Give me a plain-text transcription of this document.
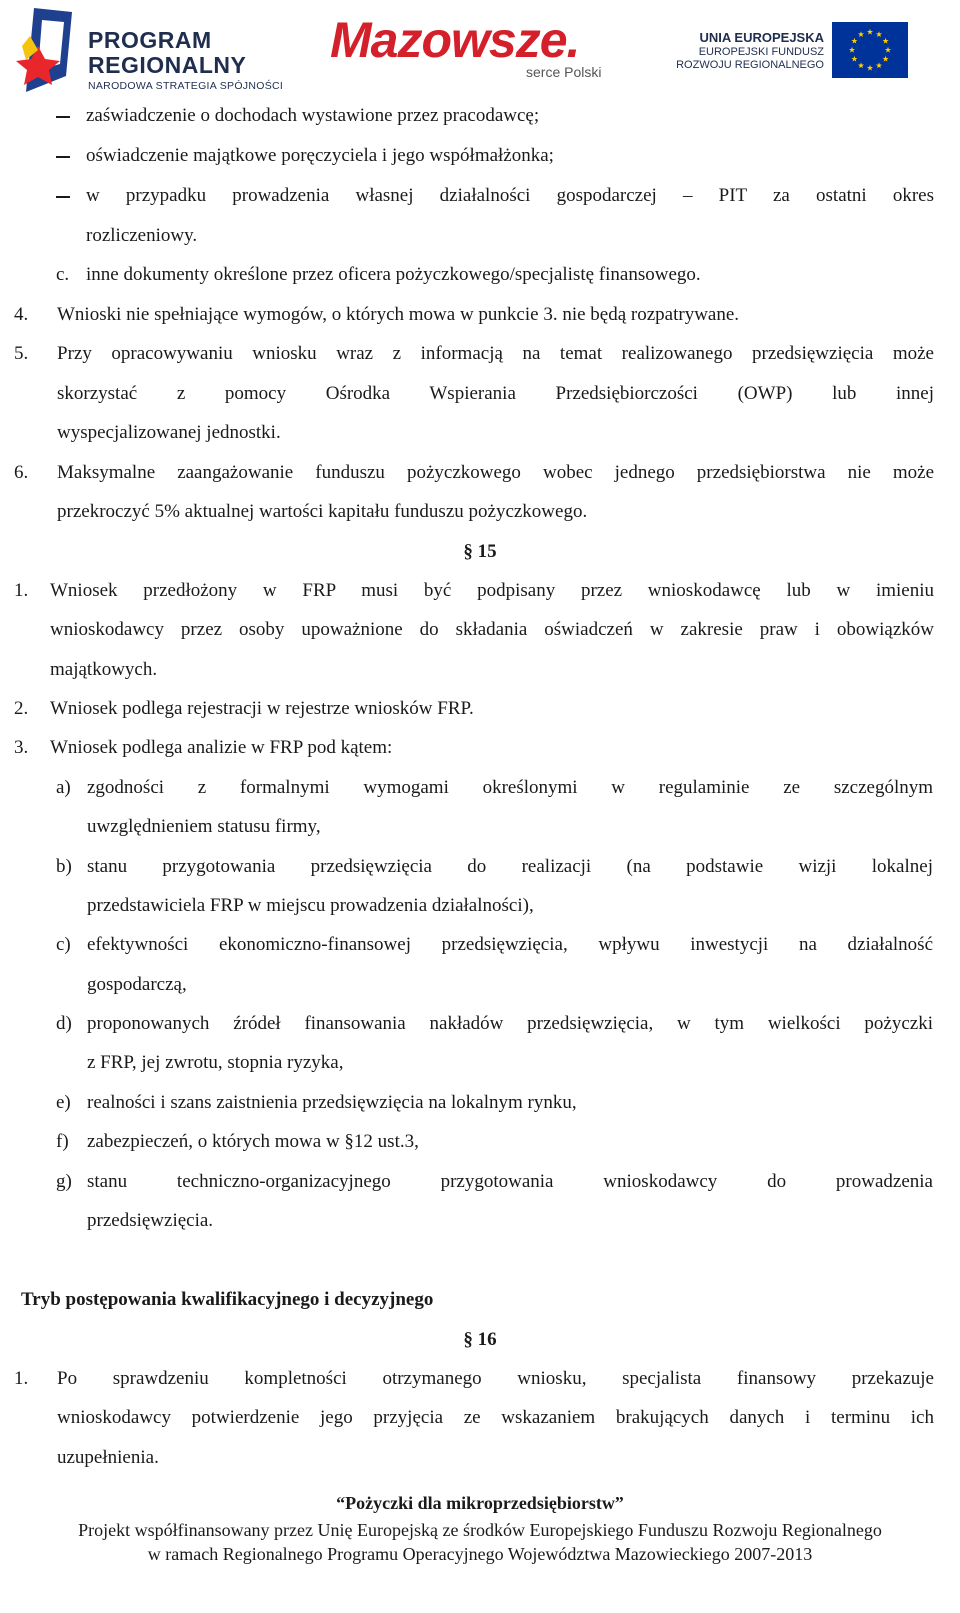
PROGRAM
REGIONALNY
NARODOWA STRATEGIA SPÓJNOŚCI
Mazowsze.
serce Polski
UNIA EUROPEJSKA
EUROPEJSKI FUNDUSZ
ROZWOJU REGIONALNEGO
zaświadczenie o dochodach wystawione przez pracodawcę;
oświadczenie majątkowe poręczyciela i jego współmałżonka;
w przypadku prowadzenia własnej działalności gospodarczej – PIT za ostatni okres
rozliczeniowy.
c. inne dokumenty określone przez oficera pożyczkowego/specjalistę finansowego.
4. Wnioski nie spełniające wymogów, o których mowa w punkcie 3. nie będą rozpatrywane.
5. Przy opracowywaniu wniosku wraz z informacją na temat realizowanego przedsięwzięcia może
skorzystać z pomocy Ośrodka Wspierania Przedsiębiorczości (OWP) lub innej
wyspecjalizowanej jednostki.
6. Maksymalne zaangażowanie funduszu pożyczkowego wobec jednego przedsiębiorstwa nie może
przekroczyć 5% aktualnej wartości kapitału funduszu pożyczkowego.
§ 15
1. Wniosek przedłożony w FRP musi być podpisany przez wnioskodawcę lub w imieniu
wnioskodawcy przez osoby upoważnione do składania oświadczeń w zakresie praw i obowiązków
majątkowych.
2. Wniosek podlega rejestracji w rejestrze wniosków FRP.
3. Wniosek podlega analizie w FRP pod kątem:
a) zgodności z formalnymi wymogami określonymi w regulaminie ze szczególnym
uwzględnieniem statusu firmy,
b) stanu przygotowania przedsięwzięcia do realizacji (na podstawie wizji lokalnej
przedstawiciela FRP w miejscu prowadzenia działalności),
c) efektywności ekonomiczno-finansowej przedsięwzięcia, wpływu inwestycji na działalność
gospodarczą,
d) proponowanych źródeł finansowania nakładów przedsięwzięcia, w tym wielkości pożyczki
z FRP, jej zwrotu, stopnia ryzyka,
e) realności i szans zaistnienia przedsięwzięcia na lokalnym rynku,
f) zabezpieczeń, o których mowa w §12 ust.3,
g) stanu techniczno-organizacyjnego przygotowania wnioskodawcy do prowadzenia
przedsięwzięcia.
Tryb postępowania kwalifikacyjnego i decyzyjnego
§ 16
1. Po sprawdzeniu kompletności otrzymanego wniosku, specjalista finansowy przekazuje
wnioskodawcy potwierdzenie jego przyjęcia ze wskazaniem brakujących danych i terminu ich
uzupełnienia.
“Pożyczki dla mikroprzedsiębiorstw”
Projekt współfinansowany przez Unię Europejską ze środków Europejskiego Funduszu Rozwoju Regionalnego
w ramach Regionalnego Programu Operacyjnego Województwa Mazowieckiego 2007-2013
